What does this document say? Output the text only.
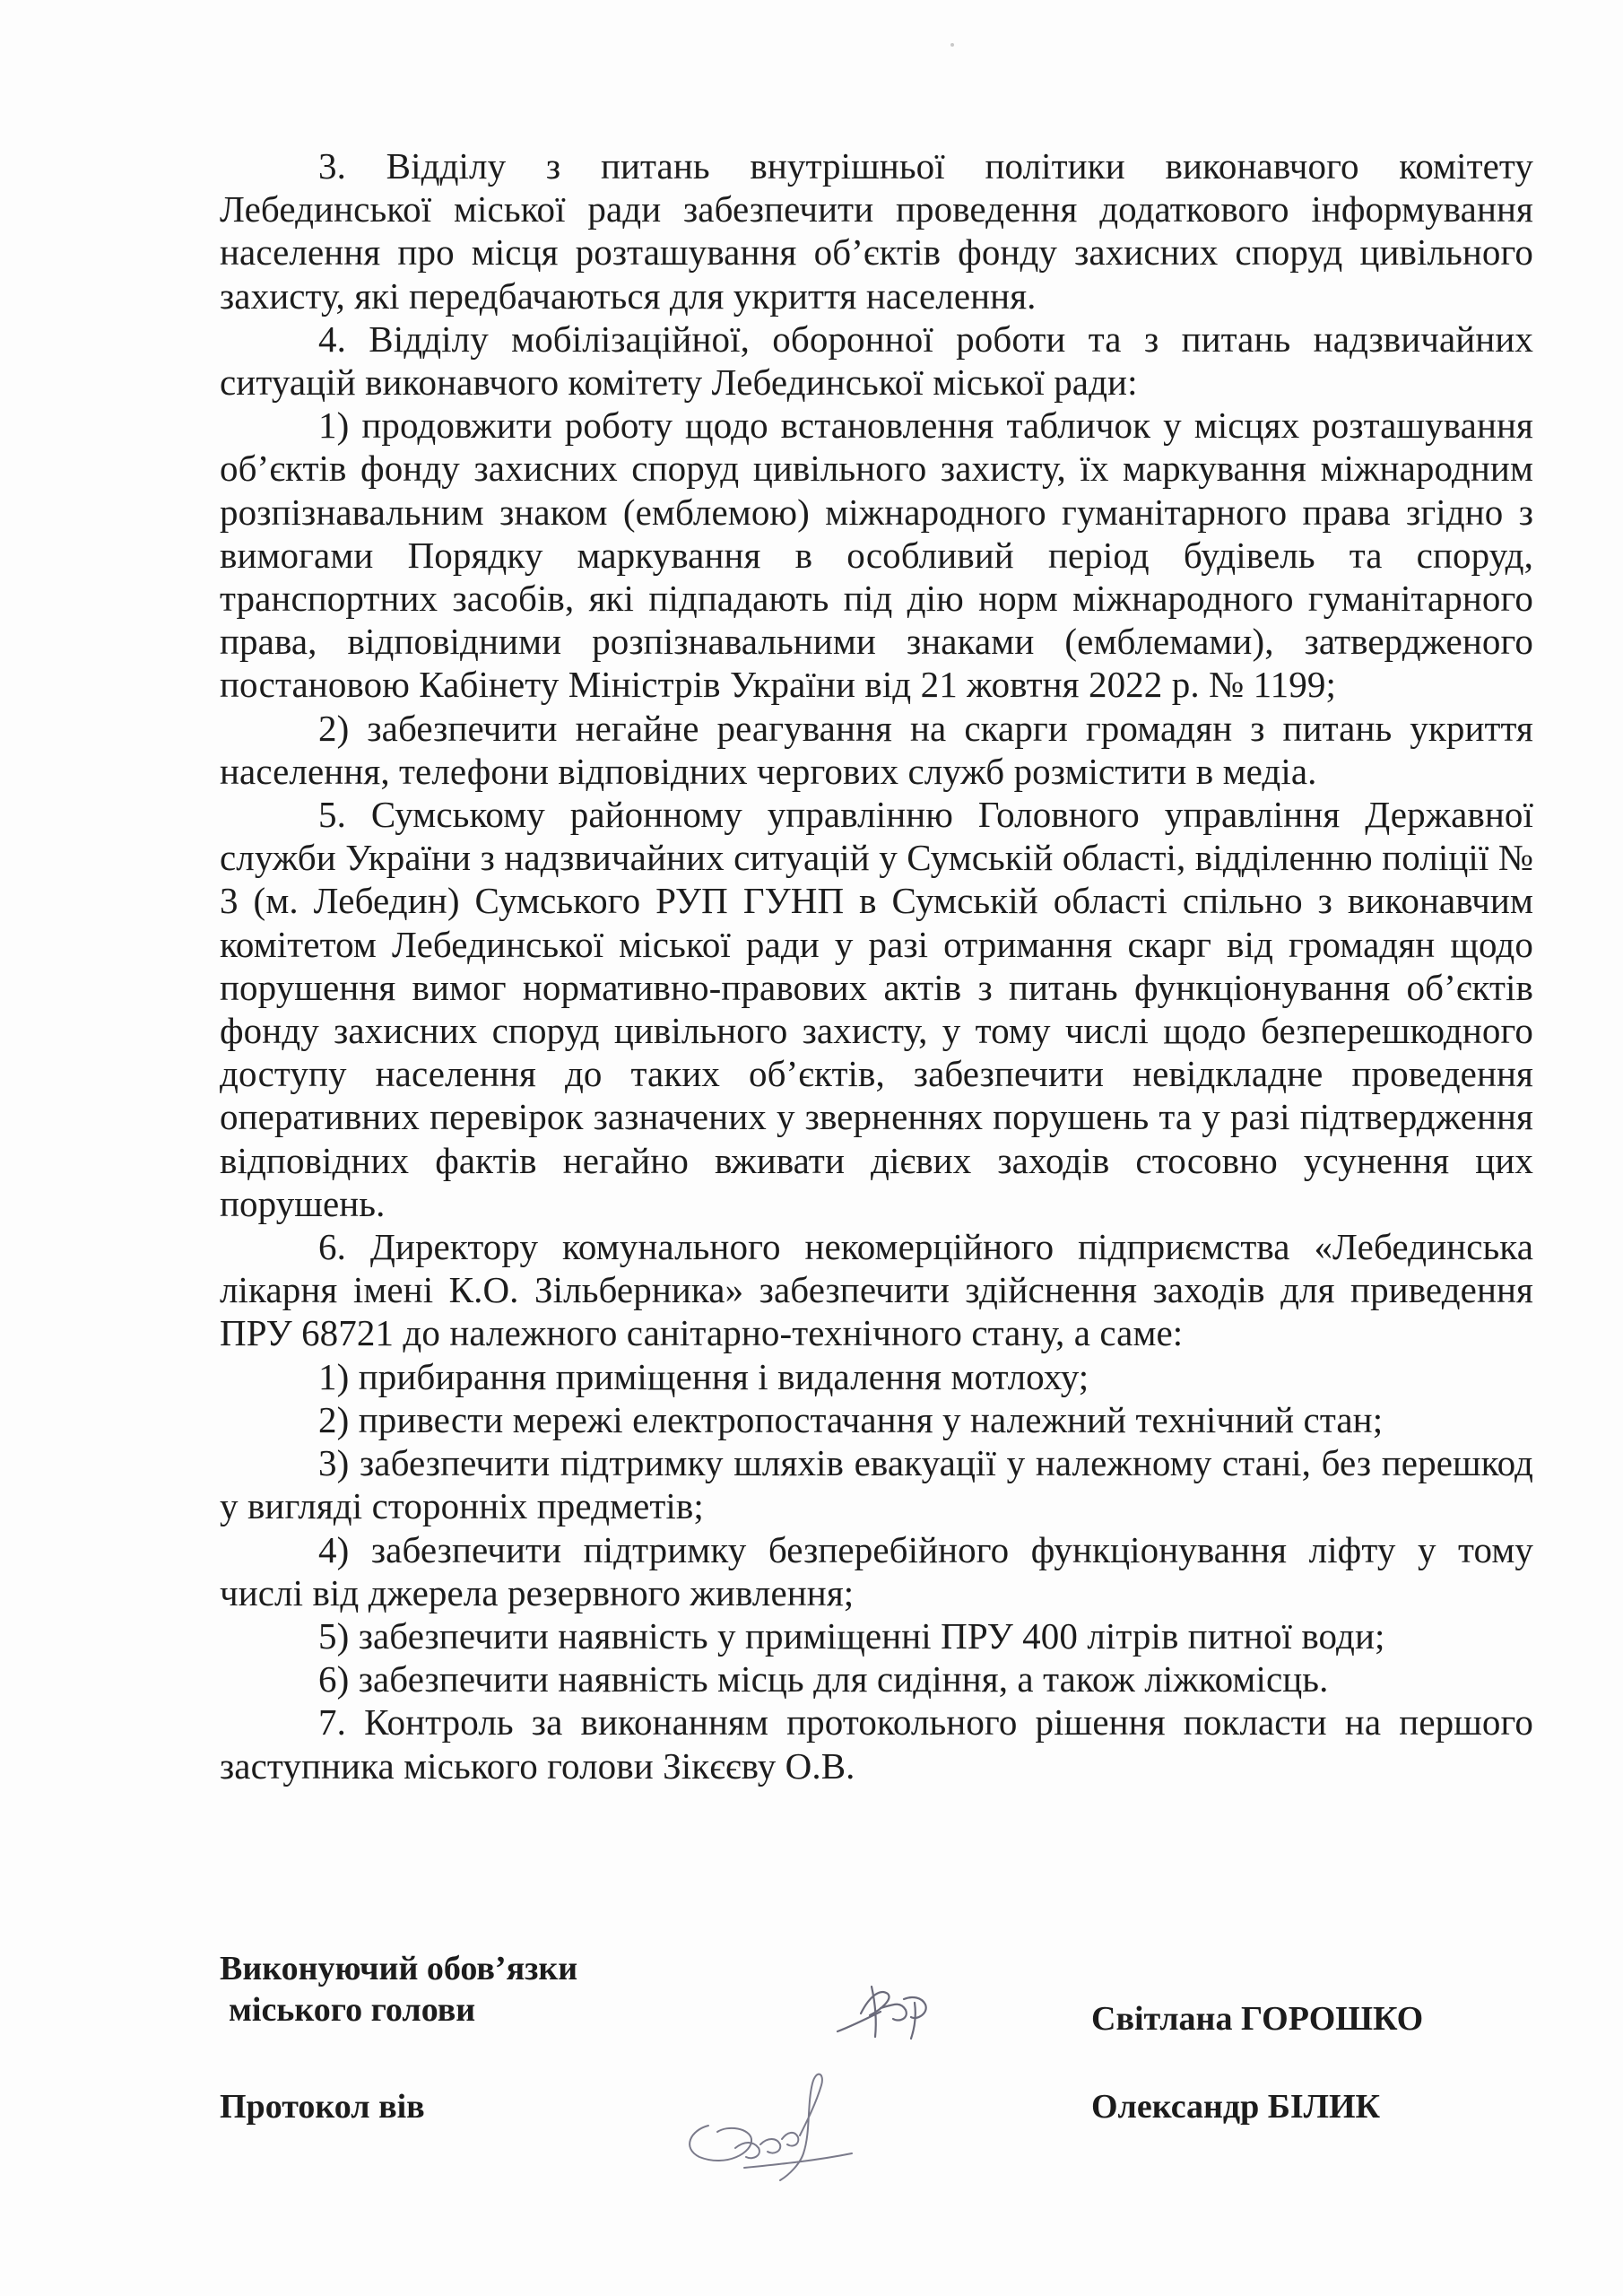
3. Відділу з питань внутрішньої політики виконавчого комітету Лебединської міської ради забезпечити проведення додаткового інформування населення про місця розташування об’єктів фонду захисних споруд цивільного захисту, які передбачаються для укриття населення.

4. Відділу мобілізаційної, оборонної роботи та з питань надзвичайних ситуацій виконавчого комітету Лебединської міської ради:

1) продовжити роботу щодо встановлення табличок у місцях розташування об’єктів фонду захисних споруд цивільного захисту, їх маркування міжнародним розпізнавальним знаком (емблемою) міжнародного гуманітарного права згідно з вимогами Порядку маркування в особливий період будівель та споруд, транспортних засобів, які підпадають під дію норм міжнародного гуманітарного права, відповідними розпізнавальними знаками (емблемами), затвердженого постановою Кабінету Міністрів України від 21 жовтня 2022 р. № 1199;

2) забезпечити негайне реагування на скарги громадян з питань укриття населення, телефони відповідних чергових служб розмістити в медіа.

5. Сумському районному управлінню Головного управління Державної служби України з надзвичайних ситуацій у Сумській області, відділенню поліції № 3 (м. Лебедин) Сумського РУП ГУНП в Сумській області спільно з виконавчим комітетом Лебединської міської ради у разі отримання скарг від громадян щодо порушення вимог нормативно-правових актів з питань функціонування об’єктів фонду захисних споруд цивільного захисту, у тому числі щодо безперешкодного доступу населення до таких об’єктів, забезпечити невідкладне проведення оперативних перевірок зазначених у зверненнях порушень та у разі підтвердження відповідних фактів негайно вживати дієвих заходів стосовно усунення цих порушень.

6. Директору комунального некомерційного підприємства «Лебединська лікарня імені К.О. Зільберника» забезпечити здійснення заходів для приведення ПРУ 68721 до належного санітарно-технічного стану, а саме:

1) прибирання приміщення і видалення мотлоху;

2) привести мережі електропостачання у належний технічний стан;

3) забезпечити підтримку шляхів евакуації у належному стані, без перешкод у вигляді сторонніх предметів;

4) забезпечити підтримку безперебійного функціонування ліфту у тому числі від джерела резервного живлення;

5) забезпечити наявність у приміщенні ПРУ 400 літрів питної води;

6) забезпечити наявність місць для сидіння, а також ліжкомісць.

7. Контроль за виконанням протокольного рішення покласти на першого заступника міського голови Зікєєву О.В.

Виконуючий обов’язки
міського голови	Світлана ГОРОШКО
Протокол вів	Олександр БІЛИК
